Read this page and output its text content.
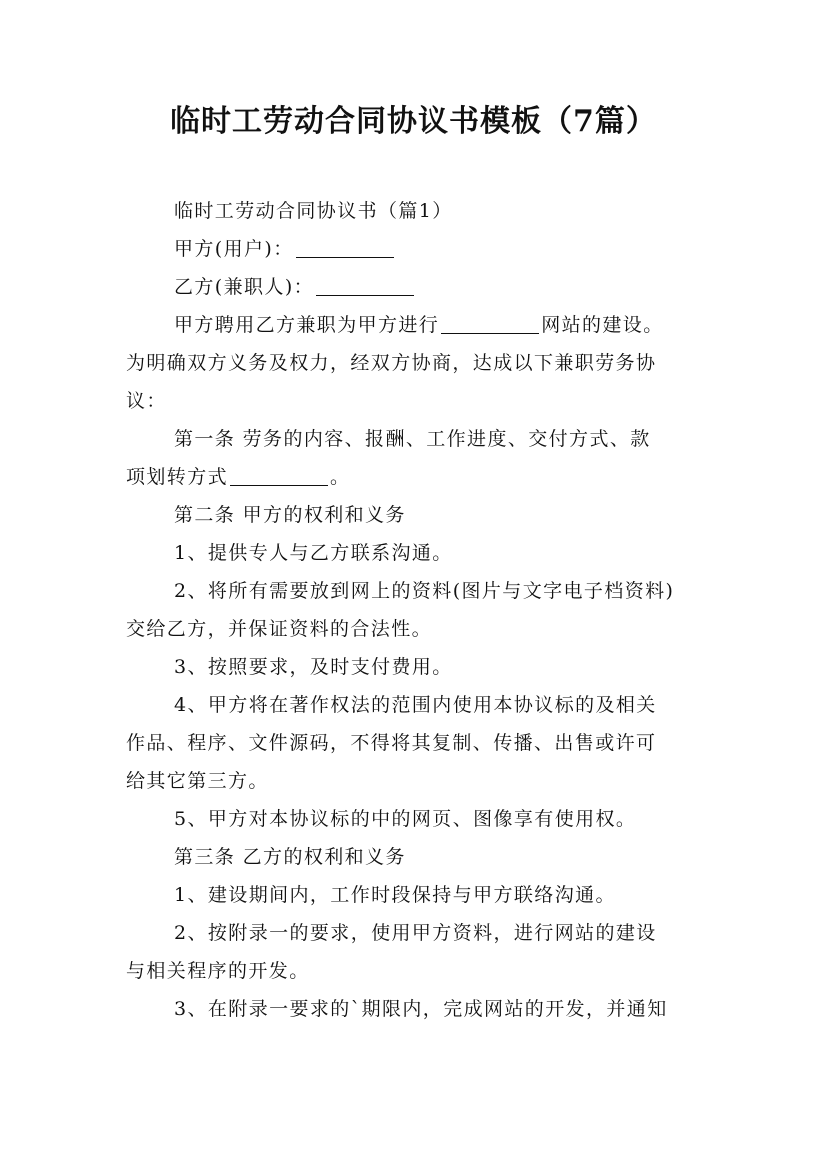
临时工劳动合同协议书模板（7篇）

临时工劳动合同协议书（篇1）

甲方(用户)：

乙方(兼职人)：

甲方聘用乙方兼职为甲方进行	网站的建设。

为明确双方义务及权力，经双方协商，达成以下兼职劳务协

议：

第一条 劳务的内容、报酬、工作进度、交付方式、款

项划转方式	。

第二条 甲方的权利和义务

1、提供专人与乙方联系沟通。

2、将所有需要放到网上的资料(图片与文字电子档资料)

交给乙方，并保证资料的合法性。

3、按照要求，及时支付费用。

4、甲方将在著作权法的范围内使用本协议标的及相关

作品、程序、文件源码，不得将其复制、传播、出售或许可

给其它第三方。

5、甲方对本协议标的中的网页、图像享有使用权。

第三条 乙方的权利和义务

1、建设期间内，工作时段保持与甲方联络沟通。

2、按附录一的要求，使用甲方资料，进行网站的建设

与相关程序的开发。

3、在附录一要求的`期限内，完成网站的开发，并通知
